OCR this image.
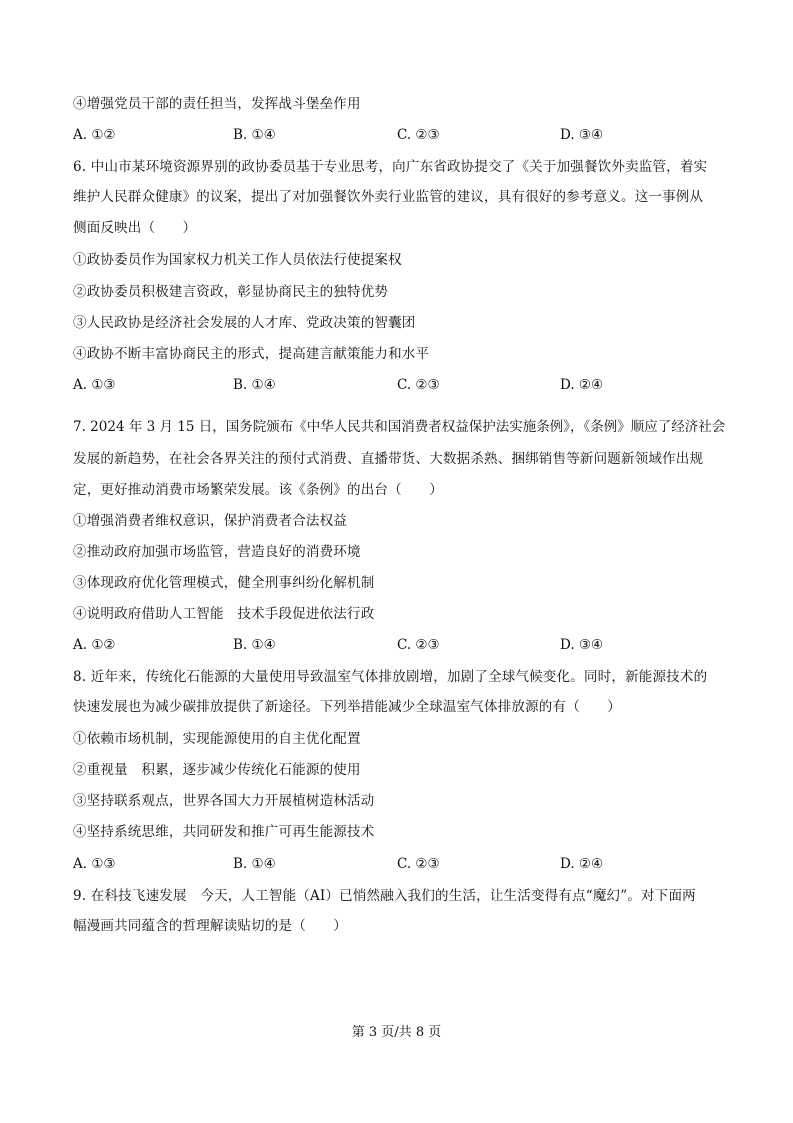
④增强党员干部的责任担当，发挥战斗堡垒作用
A. ①②	B. ①④	C. ②③	D. ③④
6. 中山市某环境资源界别的政协委员基于专业思考，向广东省政协提交了《关于加强餐饮外卖监管，着实
维护人民群众健康》的议案，提出了对加强餐饮外卖行业监管的建议，具有很好的参考意义。这一事例从
侧面反映出（　　）
①政协委员作为国家权力机关工作人员依法行使提案权
②政协委员积极建言资政，彰显协商民主的独特优势
③人民政协是经济社会发展的人才库、党政决策的智囊团
④政协不断丰富协商民主的形式，提高建言献策能力和水平
A. ①③	B. ①④	C. ②③	D. ②④
7. 2024 年 3 月 15 日，国务院颁布《中华人民共和国消费者权益保护法实施条例》，《条例》顺应了经济社会
发展的新趋势，在社会各界关注的预付式消费、直播带货、大数据杀熟、捆绑销售等新问题新领域作出规
定，更好推动消费市场繁荣发展。该《条例》的出台（　　）
①增强消费者维权意识，保护消费者合法权益
②推动政府加强市场监管，营造良好的消费环境
③体现政府优化管理模式，健全刑事纠纷化解机制
④说明政府借助人工智能　技术手段促进依法行政
A. ①②	B. ①④	C. ②③	D. ③④
8. 近年来，传统化石能源的大量使用导致温室气体排放剧增，加剧了全球气候变化。同时，新能源技术的
快速发展也为减少碳排放提供了新途径。下列举措能减少全球温室气体排放源的有（　　）
①依赖市场机制，实现能源使用的自主优化配置
②重视量　积累，逐步减少传统化石能源的使用
③坚持联系观点，世界各国大力开展植树造林活动
④坚持系统思维，共同研发和推广可再生能源技术
A. ①③	B. ①④	C. ②③	D. ②④
9. 在科技飞速发展　今天，人工智能（AI）已悄然融入我们的生活，让生活变得有点“魔幻”。对下面两
幅漫画共同蕴含的哲理解读贴切的是（　　）
第 3 页/共 8 页
